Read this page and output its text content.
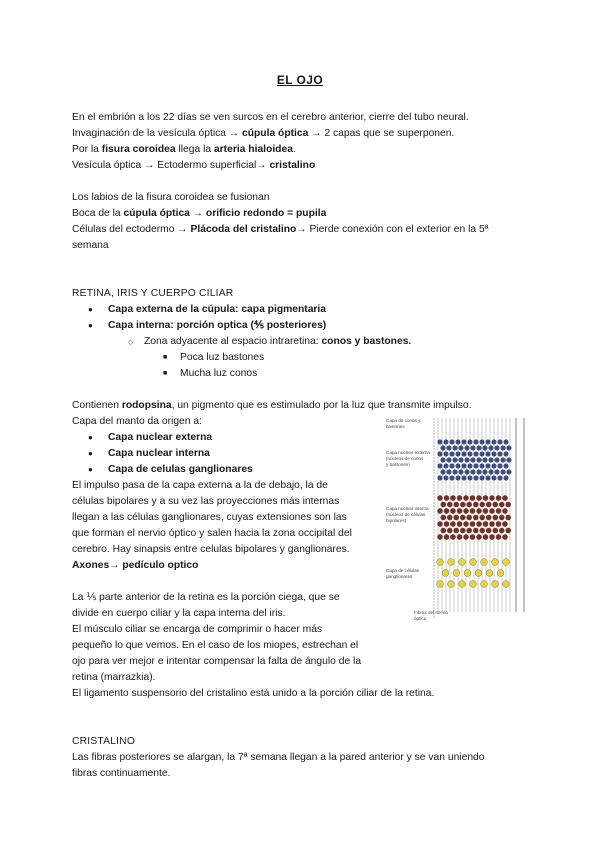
EL OJO
En el embrión a los 22 días se ven surcos en el cerebro anterior, cierre del tubo neural.
Invaginación de la vesícula óptica → cúpula óptica → 2 capas que se superponen.
Por la fisura coroidea llega la arteria hialoidea.
Vesícula óptica → Ectodermo superficial→ cristalino
Los labios de la fisura coroidea se fusionan
Boca de la cúpula óptica → orificio redondo = pupila
Células del ectodermo → Plácoda del cristalino→ Pierde conexión con el exterior en la 5ª
semana
RETINA, IRIS Y CUERPO CILIAR
● Capa externa de la cúpula: capa pigmentaria
● Capa interna: porción optica (⅘ posteriores)
○ Zona adyacente al espacio intraretina: conos y bastones.
■ Poca luz bastones
■ Mucha luz conos
Contienen rodopsina, un pigmento que es estimulado por la luz que transmite impulso.
Capa del manto da origen a:
● Capa nuclear externa
● Capa nuclear interna
● Capa de celulas ganglionares
El impulso pasa de la capa externa a la de debajo, la de
células bipolares y a su vez las proyecciones más internas
llegan a las células ganglionares, cuyas extensiones son las
que forman el nervio óptico y salen hacia la zona occipital del
cerebro. Hay sinapsis entre celulas bipolares y ganglionares.
Axones→ pedículo optico
La ⅕ parte anterior de la retina es la porción ciega, que se
divide en cuerpo ciliar y la capa interna del iris.
El músculo ciliar se encarga de comprimir o hacer más
pequeño lo que vemos. En el caso de los miopes, estrechan el
ojo para ver mejor e intentar compensar la falta de ángulo de la
retina (marrazkia).
El ligamento suspensorio del cristalino está unido a la porción ciliar de la retina.
CRISTALINO
Las fibras posteriores se alargan, la 7ª semana llegan a la pared anterior y se van uniendo
fibras continuamente.
Capa de conos y
bastones
Capa nuclear externa
(núcleos de conos
y bastones)
Capa nuclear interna
(núcleos de células
bipolares)
Capa de células
ganglionares
Fibras del nervio
óptico
